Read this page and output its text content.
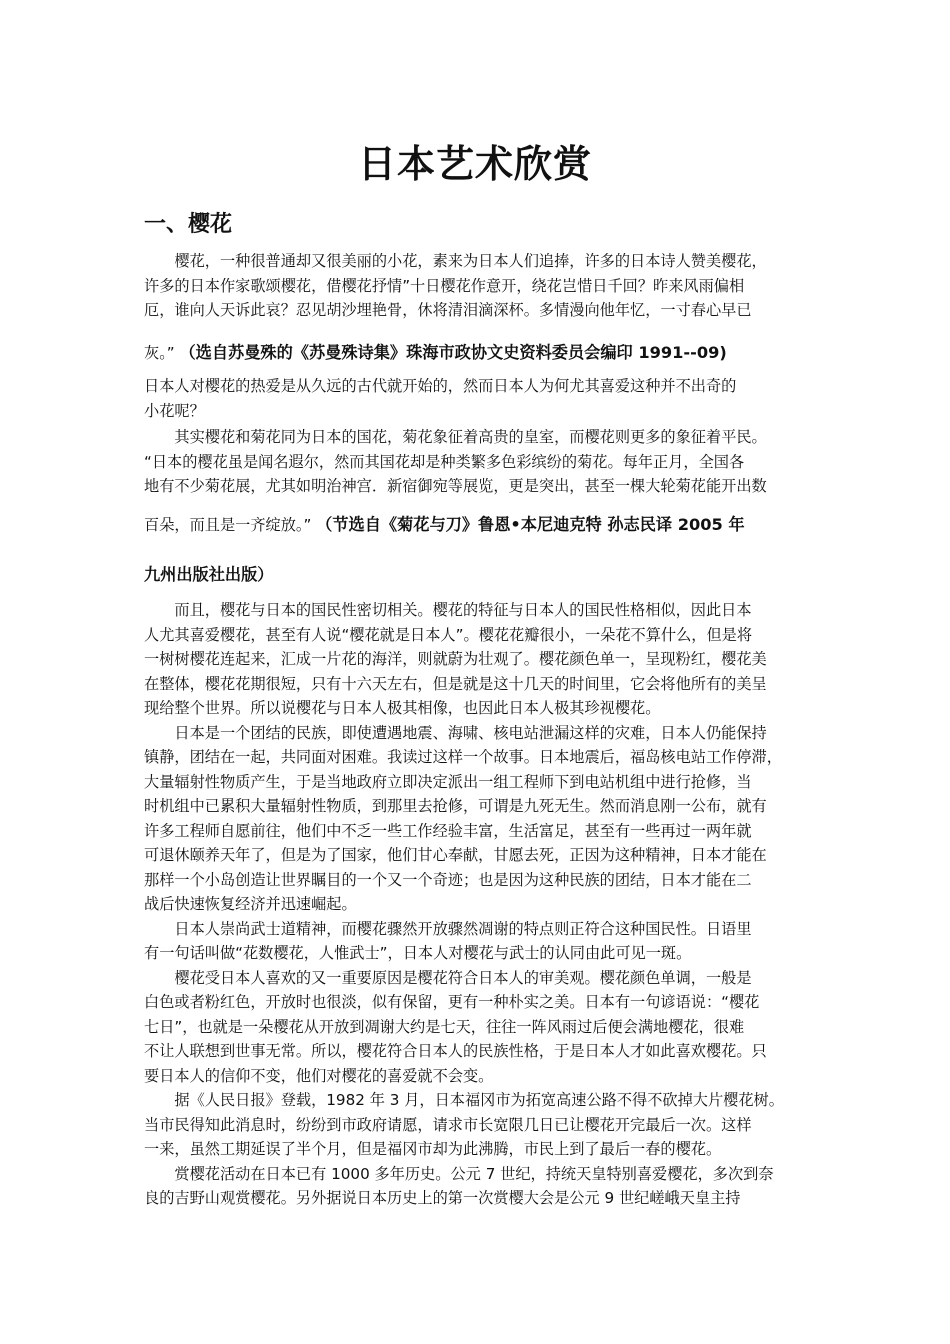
日本艺术欣赏
一、樱花
　　樱花，一种很普通却又很美丽的小花，素来为日本人们追捧，许多的日本诗人赞美樱花，
许多的日本作家歌颂樱花，借樱花抒情”十日樱花作意开，绕花岂惜日千回？昨来风雨偏相
厄，谁向人天诉此哀？忍见胡沙埋艳骨，休将清泪滴深杯。多情漫向他年忆，一寸春心早已
灰。” （选自苏曼殊的《苏曼殊诗集》珠海市政协文史资料委员会编印 1991--09)
日本人对樱花的热爱是从久远的古代就开始的，然而日本人为何尤其喜爱这种并不出奇的
小花呢？
　　其实樱花和菊花同为日本的国花，菊花象征着高贵的皇室，而樱花则更多的象征着平民。
“日本的樱花虽是闻名遐尔，然而其国花却是种类繁多色彩缤纷的菊花。每年正月，全国各
地有不少菊花展，尤其如明治神宫．新宿御宛等展览，更是突出，甚至一棵大轮菊花能开出数
百朵，而且是一齐绽放。” （节选自《菊花与刀》鲁恩•本尼迪克特 孙志民译 2005 年
九州出版社出版）
　　而且，樱花与日本的国民性密切相关。樱花的特征与日本人的国民性格相似，因此日本
人尤其喜爱樱花，甚至有人说“樱花就是日本人”。樱花花瓣很小，一朵花不算什么，但是将
一树树樱花连起来，汇成一片花的海洋，则就蔚为壮观了。樱花颜色单一，呈现粉红，樱花美
在整体，樱花花期很短，只有十六天左右，但是就是这十几天的时间里，它会将他所有的美呈
现给整个世界。所以说樱花与日本人极其相像，也因此日本人极其珍视樱花。
　　日本是一个团结的民族，即使遭遇地震、海啸、核电站泄漏这样的灾难，日本人仍能保持
镇静，团结在一起，共同面对困难。我读过这样一个故事。日本地震后，福岛核电站工作停滞，
大量辐射性物质产生，于是当地政府立即决定派出一组工程师下到电站机组中进行抢修，当
时机组中已累积大量辐射性物质，到那里去抢修，可谓是九死无生。然而消息刚一公布，就有
许多工程师自愿前往，他们中不乏一些工作经验丰富，生活富足，甚至有一些再过一两年就
可退休颐养天年了，但是为了国家，他们甘心奉献，甘愿去死，正因为这种精神，日本才能在
那样一个小岛创造让世界瞩目的一个又一个奇迹；也是因为这种民族的团结，日本才能在二
战后快速恢复经济并迅速崛起。
　　日本人崇尚武士道精神，而樱花骤然开放骤然凋谢的特点则正符合这种国民性。日语里
有一句话叫做“花数樱花，人惟武士”，日本人对樱花与武士的认同由此可见一斑。
　　樱花受日本人喜欢的又一重要原因是樱花符合日本人的审美观。樱花颜色单调，一般是
白色或者粉红色，开放时也很淡，似有保留，更有一种朴实之美。日本有一句谚语说：“樱花
七日”，也就是一朵樱花从开放到凋谢大约是七天，往往一阵风雨过后便会满地樱花，很难
不让人联想到世事无常。所以，樱花符合日本人的民族性格，于是日本人才如此喜欢樱花。只
要日本人的信仰不变，他们对樱花的喜爱就不会变。
　　据《人民日报》登载，1982 年 3 月，日本福冈市为拓宽高速公路不得不砍掉大片樱花树。
当市民得知此消息时，纷纷到市政府请愿，请求市长宽限几日已让樱花开完最后一次。这样
一来，虽然工期延误了半个月，但是福冈市却为此沸腾，市民上到了最后一春的樱花。
　　赏樱花活动在日本已有 1000 多年历史。公元 7 世纪，持统天皇特别喜爱樱花，多次到奈
良的吉野山观赏樱花。另外据说日本历史上的第一次赏樱大会是公元 9 世纪嵯峨天皇主持
